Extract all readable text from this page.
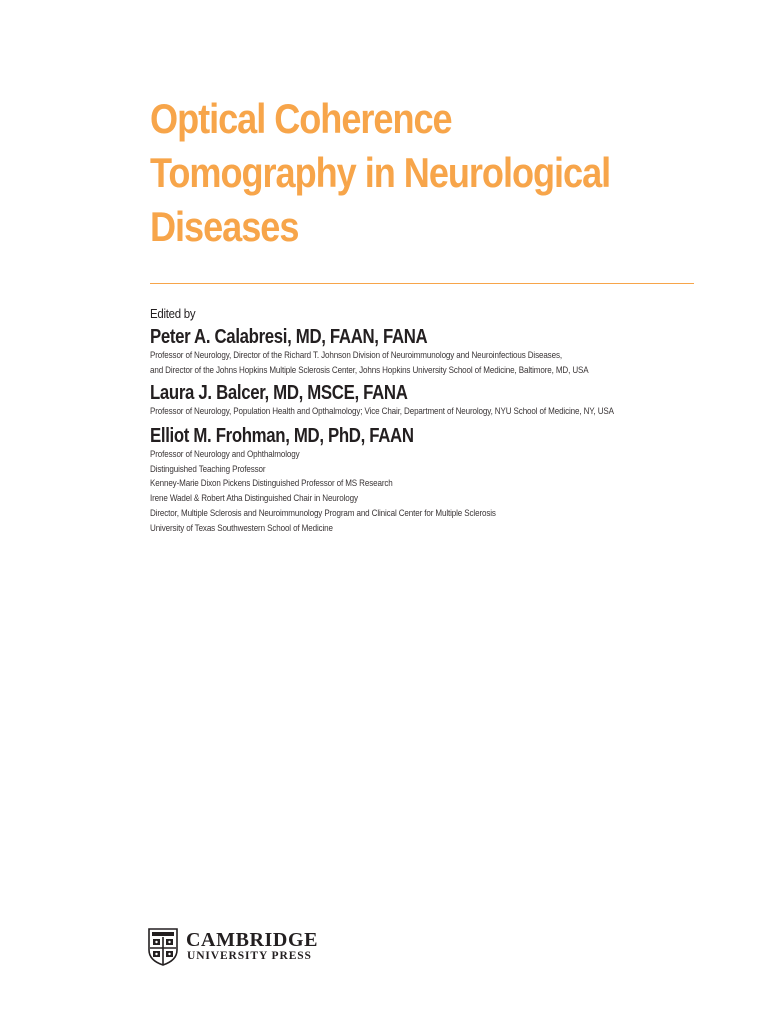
Optical Coherence
Tomography in Neurological
Diseases
Edited by
Peter A. Calabresi, MD, FAAN, FANA
Professor of Neurology, Director of the Richard T. Johnson Division of Neuroimmunology and Neuroinfectious Diseases,
and Director of the Johns Hopkins Multiple Sclerosis Center, Johns Hopkins University School of Medicine, Baltimore, MD, USA
Laura J. Balcer, MD, MSCE, FANA
Professor of Neurology, Population Health and Opthalmology; Vice Chair, Department of Neurology, NYU School of Medicine, NY, USA
Elliot M. Frohman, MD, PhD, FAAN
Professor of Neurology and Ophthalmology
Distinguished Teaching Professor
Kenney-Marie Dixon Pickens Distinguished Professor of MS Research
Irene Wadel & Robert Atha Distinguished Chair in Neurology
Director, Multiple Sclerosis and Neuroimmunology Program and Clinical Center for Multiple Sclerosis
University of Texas Southwestern School of Medicine
CAMBRIDGE
UNIVERSITY PRESS
